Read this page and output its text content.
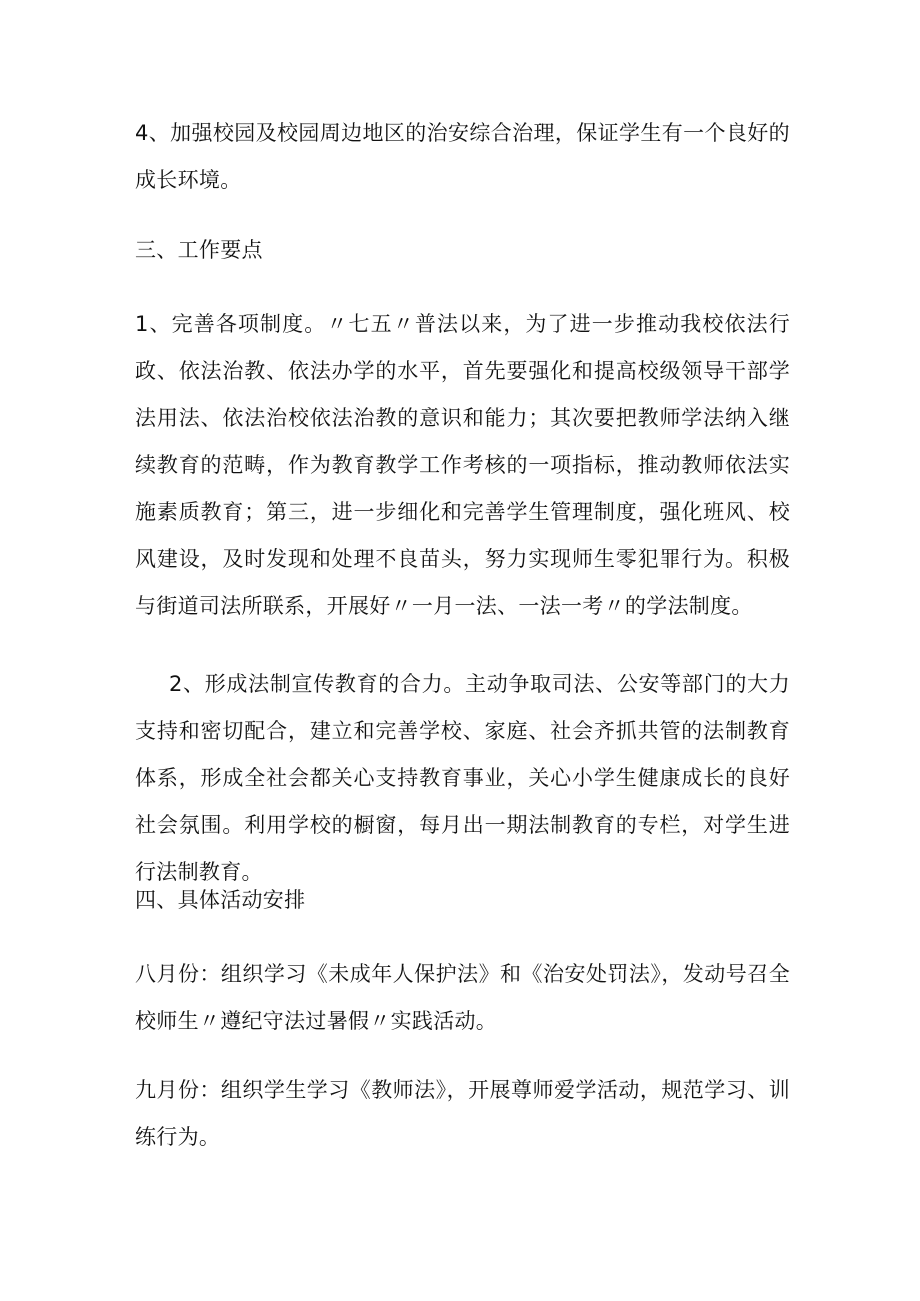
4、加强校园及校园周边地区的治安综合治理，保证学生有一个良好的成长环境。

三、工作要点

1、完善各项制度。〃七五〃普法以来，为了进一步推动我校依法行政、依法治教、依法办学的水平，首先要强化和提高校级领导干部学法用法、依法治校依法治教的意识和能力；其次要把教师学法纳入继续教育的范畴，作为教育教学工作考核的一项指标，推动教师依法实施素质教育；第三，进一步细化和完善学生管理制度，强化班风、校风建设，及时发现和处理不良苗头，努力实现师生零犯罪行为。积极与街道司法所联系，开展好〃一月一法、一法一考〃的学法制度。

2、形成法制宣传教育的合力。主动争取司法、公安等部门的大力支持和密切配合，建立和完善学校、家庭、社会齐抓共管的法制教育体系，形成全社会都关心支持教育事业，关心小学生健康成长的良好社会氛围。利用学校的橱窗，每月出一期法制教育的专栏，对学生进行法制教育。

四、具体活动安排

八月份：组织学习《未成年人保护法》和《治安处罚法》，发动号召全校师生〃遵纪守法过暑假〃实践活动。

九月份：组织学生学习《教师法》，开展尊师爱学活动，规范学习、训练行为。
